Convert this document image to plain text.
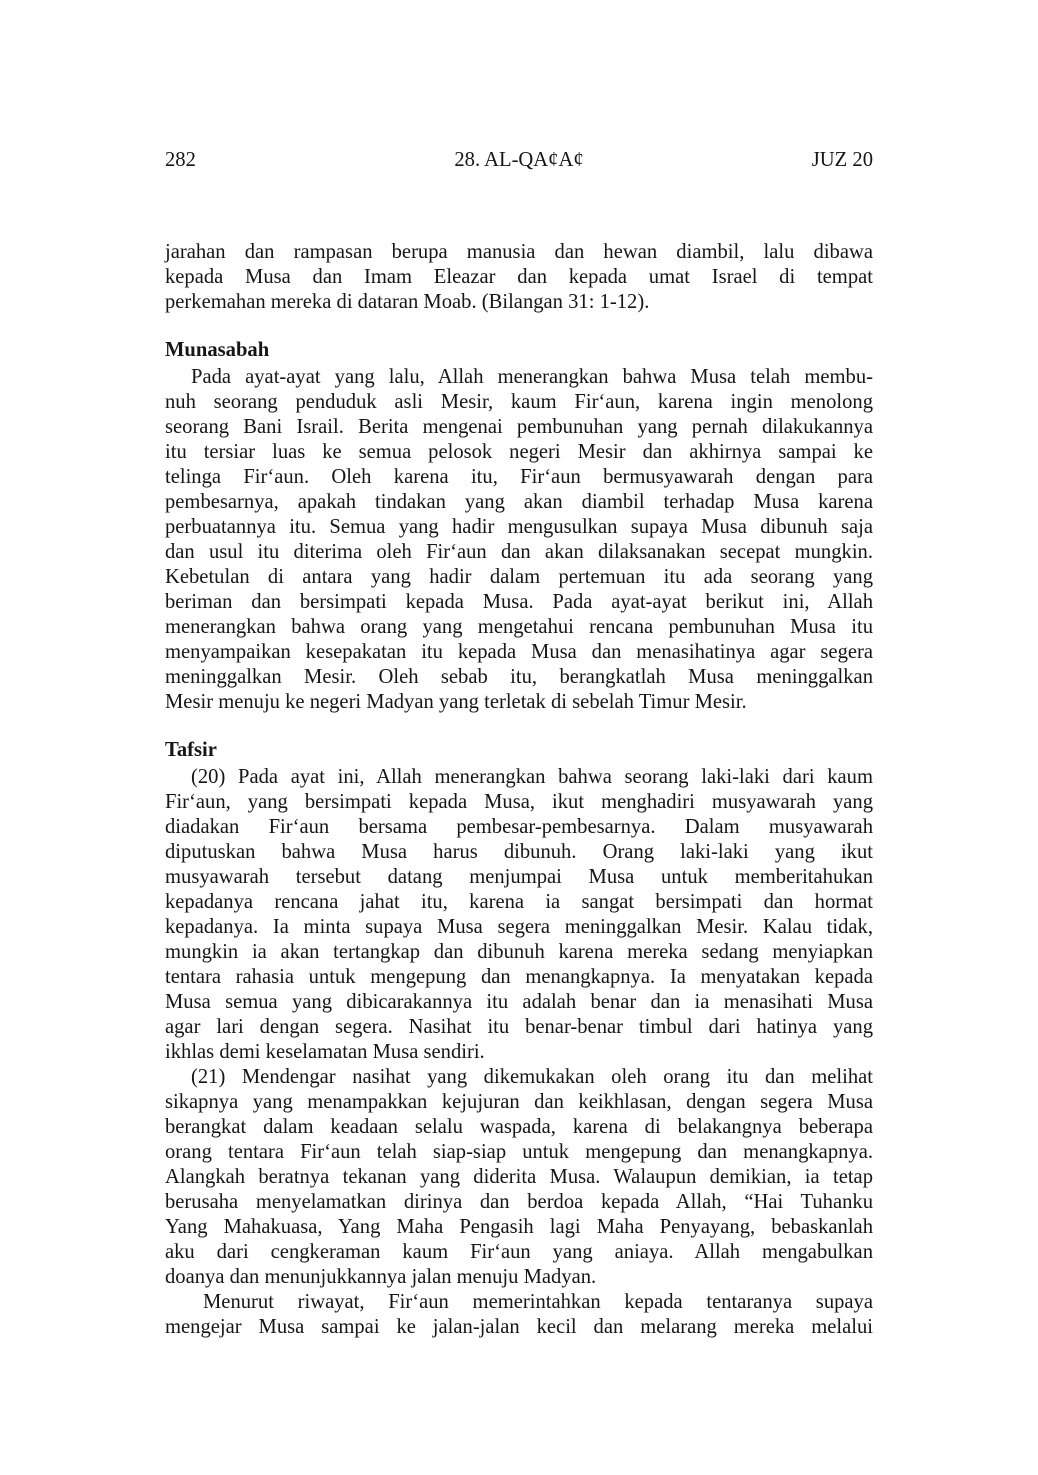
282	28. AL-QA¢A¢	JUZ 20
jarahan dan rampasan berupa manusia dan hewan diambil, lalu dibawa
kepada Musa dan Imam Eleazar dan kepada umat Israel di tempat
perkemahan mereka di dataran Moab. (Bilangan 31: 1-12).
Munasabah
Pada ayat-ayat yang lalu, Allah menerangkan bahwa Musa telah membu-
nuh seorang penduduk asli Mesir, kaum Fir‘aun, karena ingin menolong
seorang Bani Israil. Berita mengenai pembunuhan yang pernah dilakukannya
itu tersiar luas ke semua pelosok negeri Mesir dan akhirnya sampai ke
telinga Fir‘aun. Oleh karena itu, Fir‘aun bermusyawarah dengan para
pembesarnya, apakah tindakan yang akan diambil terhadap Musa karena
perbuatannya itu. Semua yang hadir mengusulkan supaya Musa dibunuh saja
dan usul itu diterima oleh Fir‘aun dan akan dilaksanakan secepat mungkin.
Kebetulan di antara yang hadir dalam pertemuan itu ada seorang yang
beriman dan bersimpati kepada Musa. Pada ayat-ayat berikut ini, Allah
menerangkan bahwa orang yang mengetahui rencana pembunuhan Musa itu
menyampaikan kesepakatan itu kepada Musa dan menasihatinya agar segera
meninggalkan Mesir. Oleh sebab itu, berangkatlah Musa meninggalkan
Mesir menuju ke negeri Madyan yang terletak di sebelah Timur Mesir.
Tafsir
(20) Pada ayat ini, Allah menerangkan bahwa seorang laki-laki dari kaum
Fir‘aun, yang bersimpati kepada Musa, ikut menghadiri musyawarah yang
diadakan Fir‘aun bersama pembesar-pembesarnya. Dalam musyawarah
diputuskan bahwa Musa harus dibunuh. Orang laki-laki yang ikut
musyawarah tersebut datang menjumpai Musa untuk memberitahukan
kepadanya rencana jahat itu, karena ia sangat bersimpati dan hormat
kepadanya. Ia minta supaya Musa segera meninggalkan Mesir. Kalau tidak,
mungkin ia akan tertangkap dan dibunuh karena mereka sedang menyiapkan
tentara rahasia untuk mengepung dan menangkapnya. Ia menyatakan kepada
Musa semua yang dibicarakannya itu adalah benar dan ia menasihati Musa
agar lari dengan segera. Nasihat itu benar-benar timbul dari hatinya yang
ikhlas demi keselamatan Musa sendiri.
(21) Mendengar nasihat yang dikemukakan oleh orang itu dan melihat
sikapnya yang menampakkan kejujuran dan keikhlasan, dengan segera Musa
berangkat dalam keadaan selalu waspada, karena di belakangnya beberapa
orang tentara Fir‘aun telah siap-siap untuk mengepung dan menangkapnya.
Alangkah beratnya tekanan yang diderita Musa. Walaupun demikian, ia tetap
berusaha menyelamatkan dirinya dan berdoa kepada Allah, “Hai Tuhanku
Yang Mahakuasa, Yang Maha Pengasih lagi Maha Penyayang, bebaskanlah
aku dari cengkeraman kaum Fir‘aun yang aniaya. Allah mengabulkan
doanya dan menunjukkannya jalan menuju Madyan.
Menurut riwayat, Fir‘aun memerintahkan kepada tentaranya supaya
mengejar Musa sampai ke jalan-jalan kecil dan melarang mereka melalui
